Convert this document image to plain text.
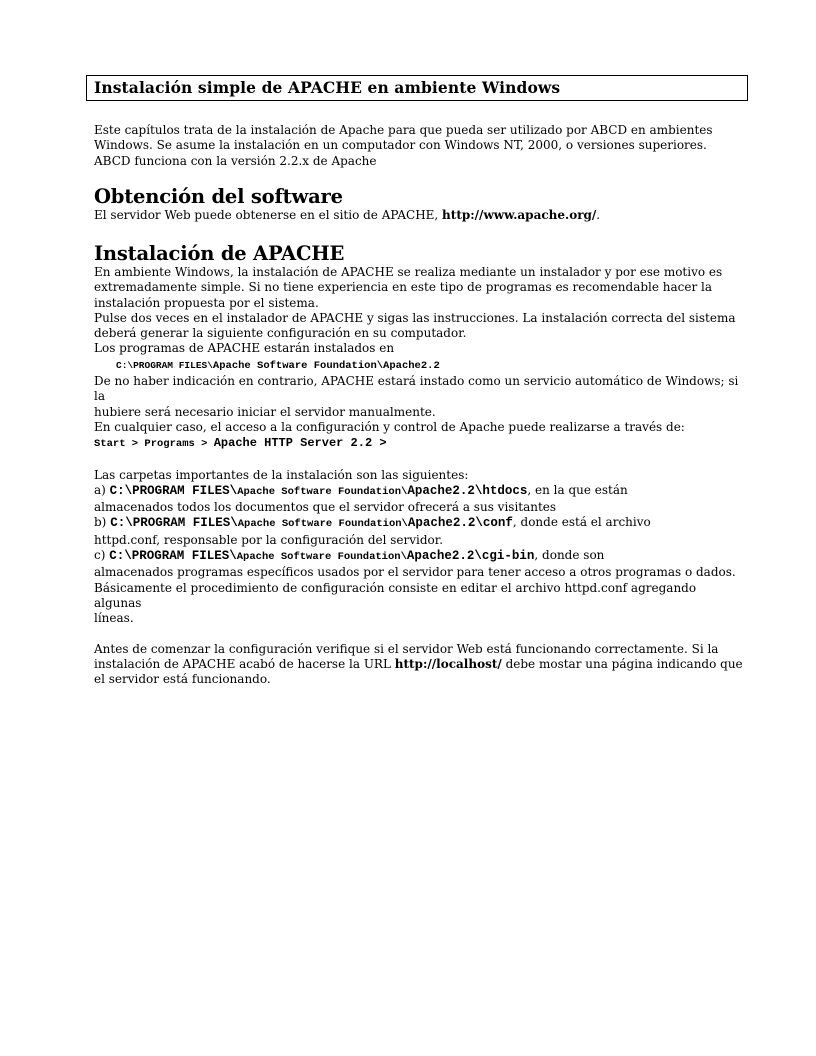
Instalación simple de APACHE en ambiente Windows

Este capítulos trata de la instalación de Apache para que pueda ser utilizado por ABCD en ambientes

Windows. Se asume la instalación en un computador con Windows NT, 2000, o versiones superiores.

ABCD funciona con la versión 2.2.x de Apache

Obtención del software

El servidor Web puede obtenerse en el sitio de APACHE, http://www.apache.org/.

Instalación de APACHE

En ambiente Windows, la instalación de APACHE se realiza mediante un instalador y por ese motivo es

extremadamente simple. Si no tiene experiencia en este tipo de programas es recomendable hacer la

instalación propuesta por el sistema.

Pulse dos veces en el instalador de APACHE y sigas las instrucciones. La instalación correcta del sistema

deberá generar la siguiente configuración en su computador.

Los programas de APACHE estarán instalados en

C:\PROGRAM FILES\Apache Software Foundation\Apache2.2

De no haber indicación en contrario, APACHE estará instado como un servicio automático de Windows; si la

hubiere será necesario iniciar el servidor manualmente.

En cualquier caso, el acceso a la configuración y control de Apache puede realizarse a través de:

Start > Programs > Apache HTTP Server 2.2 >

Las carpetas importantes de la instalación son las siguientes:

a) C:\PROGRAM FILES\Apache Software Foundation\Apache2.2\htdocs, en la que están

almacenados todos los documentos que el servidor ofrecerá a sus visitantes

b) C:\PROGRAM FILES\Apache Software Foundation\Apache2.2\conf, donde está el archivo

httpd.conf, responsable por la configuración del servidor.

c) C:\PROGRAM FILES\Apache Software Foundation\Apache2.2\cgi-bin, donde son

almacenados programas específicos usados por el servidor para tener acceso a otros programas o dados.

Básicamente el procedimiento de configuración consiste en editar el archivo httpd.conf agregando algunas

líneas.

Antes de comenzar la configuración verifique si el servidor Web está funcionando correctamente. Si la

instalación de APACHE acabó de hacerse la URL http://localhost/ debe mostar una página indicando que

el servidor está funcionando.
